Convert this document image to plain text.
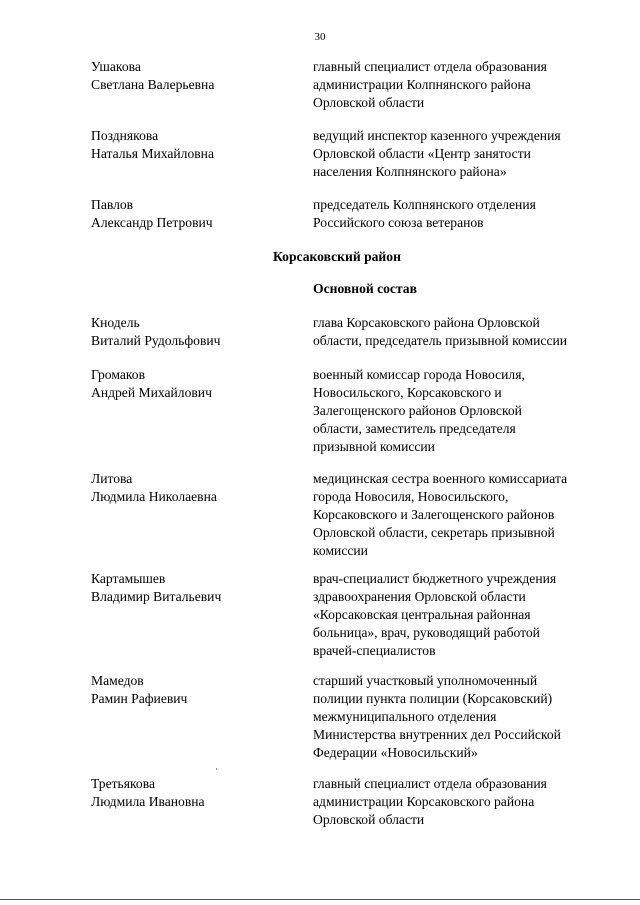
30
Ушакова
Светлана Валерьевна
главный специалист отдела образования
администрации Колпнянского района
Орловской области
Позднякова
Наталья Михайловна
ведущий инспектор казенного учреждения
Орловской области «Центр занятости
населения Колпнянского района»
Павлов
Александр Петрович
председатель Колпнянского отделения
Российского союза ветеранов
Корсаковский район
Основной состав
Кнодель
Виталий Рудольфович
глава Корсаковского района Орловской
области, председатель призывной комиссии
Громаков
Андрей Михайлович
военный комиссар города Новосиля,
Новосильского, Корсаковского и
Залегощенского районов Орловской
области, заместитель председателя
призывной комиссии
Литова
Людмила Николаевна
медицинская сестра военного комиссариата
города Новосиля, Новосильского,
Корсаковского и Залегощенского районов
Орловской области, секретарь призывной
комиссии
Картамышев
Владимир Витальевич
врач-специалист бюджетного учреждения
здравоохранения Орловской области
«Корсаковская центральная районная
больница», врач, руководящий работой
врачей-специалистов
Мамедов
Рамин Рафиевич
старший участковый уполномоченный
полиции пункта полиции (Корсаковский)
межмуниципального отделения
Министерства внутренних дел Российской
Федерации «Новосильский»
Третьякова
Людмила Ивановна
главный специалист отдела образования
администрации Корсаковского района
Орловской области
